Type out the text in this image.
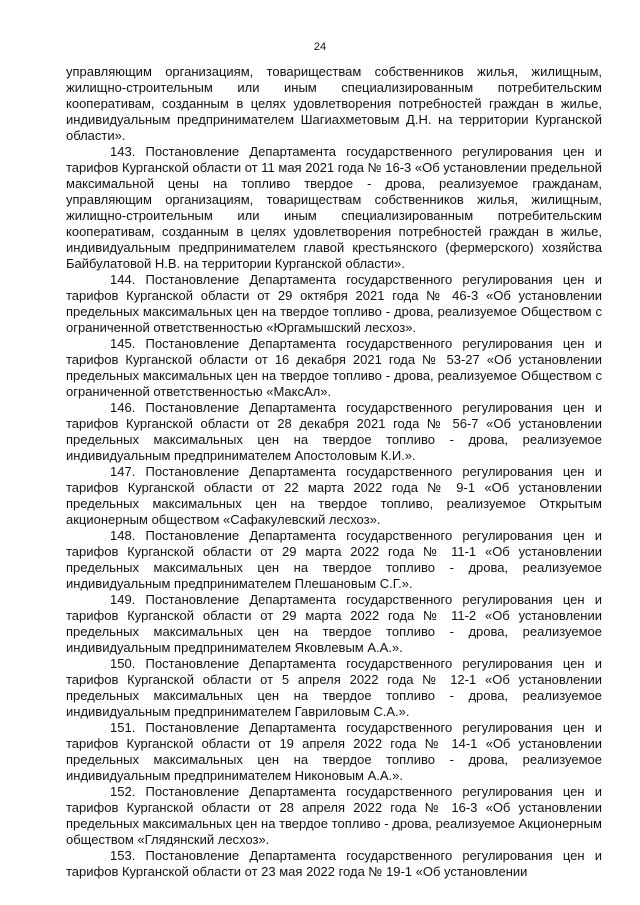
24

управляющим организациям, товариществам собственников жилья, жилищным, жилищно-строительным или иным специализированным потребительским кооперативам, созданным в целях удовлетворения потребностей граждан в жилье, индивидуальным предпринимателем Шагиахметовым Д.Н. на территории Курганской области».

143. Постановление Департамента государственного регулирования цен и тарифов Курганской области от 11 мая 2021 года № 16-3 «Об установлении предельной максимальной цены на топливо твердое - дрова, реализуемое гражданам, управляющим организациям, товариществам собственников жилья, жилищным, жилищно-строительным или иным специализированным потребительским кооперативам, созданным в целях удовлетворения потребностей граждан в жилье, индивидуальным предпринимателем главой крестьянского (фермерского) хозяйства Байбулатовой Н.В. на территории Курганской области».

144. Постановление Департамента государственного регулирования цен и тарифов Курганской области от 29 октября 2021 года № 46-3 «Об установлении предельных максимальных цен на твердое топливо - дрова, реализуемое Обществом с ограниченной ответственностью «Юргамышский лесхоз».

145. Постановление Департамента государственного регулирования цен и тарифов Курганской области от 16 декабря 2021 года № 53-27 «Об установлении предельных максимальных цен на твердое топливо - дрова, реализуемое Обществом с ограниченной ответственностью «МаксАл».

146. Постановление Департамента государственного регулирования цен и тарифов Курганской области от 28 декабря 2021 года № 56-7 «Об установлении предельных максимальных цен на твердое топливо - дрова, реализуемое индивидуальным предпринимателем Апостоловым К.И.».

147. Постановление Департамента государственного регулирования цен и тарифов Курганской области от 22 марта 2022 года № 9-1 «Об установлении предельных максимальных цен на твердое топливо, реализуемое Открытым акционерным обществом «Сафакулевский лесхоз».

148. Постановление Департамента государственного регулирования цен и тарифов Курганской области от 29 марта 2022 года № 11-1 «Об установлении предельных максимальных цен на твердое топливо - дрова, реализуемое индивидуальным предпринимателем Плешановым С.Г.».

149. Постановление Департамента государственного регулирования цен и тарифов Курганской области от 29 марта 2022 года № 11-2 «Об установлении предельных максимальных цен на твердое топливо - дрова, реализуемое индивидуальным предпринимателем Яковлевым А.А.».

150. Постановление Департамента государственного регулирования цен и тарифов Курганской области от 5 апреля 2022 года № 12-1 «Об установлении предельных максимальных цен на твердое топливо - дрова, реализуемое индивидуальным предпринимателем Гавриловым С.А.».

151. Постановление Департамента государственного регулирования цен и тарифов Курганской области от 19 апреля 2022 года № 14-1 «Об установлении предельных максимальных цен на твердое топливо - дрова, реализуемое индивидуальным предпринимателем Никоновым А.А.».

152. Постановление Департамента государственного регулирования цен и тарифов Курганской области от 28 апреля 2022 года № 16-3 «Об установлении предельных максимальных цен на твердое топливо - дрова, реализуемое Акционерным обществом «Глядянский лесхоз».

153. Постановление Департамента государственного регулирования цен и тарифов Курганской области от 23 мая 2022 года № 19-1 «Об установлении
